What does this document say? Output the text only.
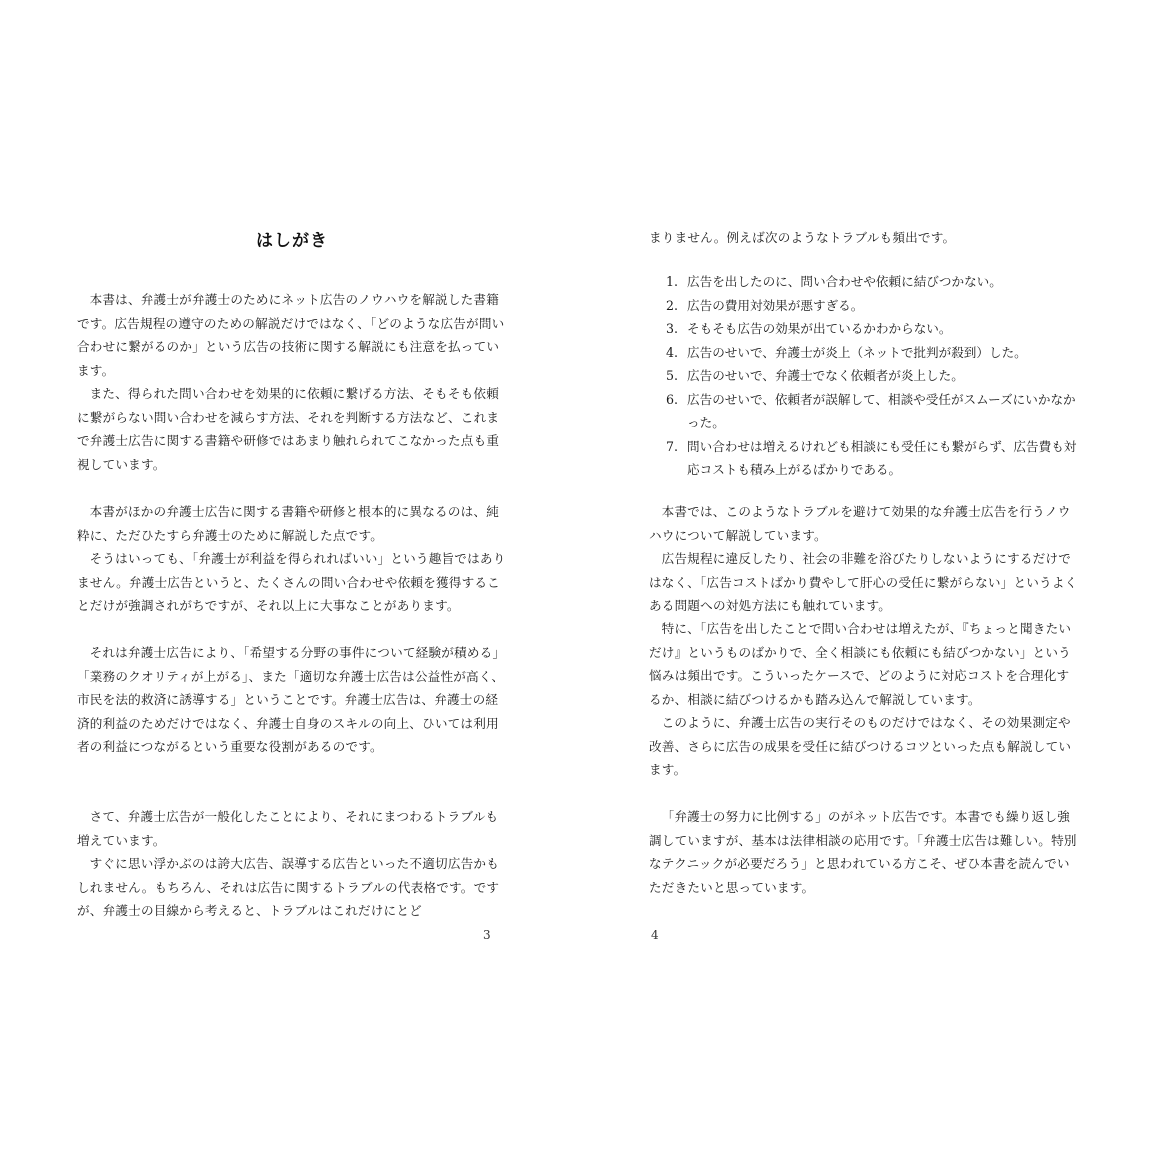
はしがき

本書は、弁護士が弁護士のためにネット広告のノウハウを解説した書籍です。広告規程の遵守のための解説だけではなく、「どのような広告が問い合わせに繋がるのか」という広告の技術に関する解説にも注意を払っています。

また、得られた問い合わせを効果的に依頼に繋げる方法、そもそも依頼に繋がらない問い合わせを減らす方法、それを判断する方法など、これまで弁護士広告に関する書籍や研修ではあまり触れられてこなかった点も重視しています。

本書がほかの弁護士広告に関する書籍や研修と根本的に異なるのは、純粋に、ただひたすら弁護士のために解説した点です。

そうはいっても、「弁護士が利益を得られればいい」という趣旨ではありません。弁護士広告というと、たくさんの問い合わせや依頼を獲得することだけが強調されがちですが、それ以上に大事なことがあります。

それは弁護士広告により、「希望する分野の事件について経験が積める」「業務のクオリティが上がる」、また「適切な弁護士広告は公益性が高く、市民を法的救済に誘導する」ということです。弁護士広告は、弁護士の経済的利益のためだけではなく、弁護士自身のスキルの向上、ひいては利用者の利益につながるという重要な役割があるのです。

さて、弁護士広告が一般化したことにより、それにまつわるトラブルも増えています。

すぐに思い浮かぶのは誇大広告、誤導する広告といった不適切広告かもしれません。もちろん、それは広告に関するトラブルの代表格です。ですが、弁護士の目線から考えると、トラブルはこれだけにとど

3

まりません。例えば次のようなトラブルも頻出です。

1. 広告を出したのに、問い合わせや依頼に結びつかない。
2. 広告の費用対効果が悪すぎる。
3. そもそも広告の効果が出ているかわからない。
4. 広告のせいで、弁護士が炎上（ネットで批判が殺到）した。
5. 広告のせいで、弁護士でなく依頼者が炎上した。
6. 広告のせいで、依頼者が誤解して、相談や受任がスムーズにいかなかった。
7. 問い合わせは増えるけれども相談にも受任にも繋がらず、広告費も対応コストも積み上がるばかりである。

本書では、このようなトラブルを避けて効果的な弁護士広告を行うノウハウについて解説しています。

広告規程に違反したり、社会の非難を浴びたりしないようにするだけではなく、「広告コストばかり費やして肝心の受任に繋がらない」というよくある問題への対処方法にも触れています。

特に、「広告を出したことで問い合わせは増えたが、『ちょっと聞きたいだけ』というものばかりで、全く相談にも依頼にも結びつかない」という悩みは頻出です。こういったケースで、どのように対応コストを合理化するか、相談に結びつけるかも踏み込んで解説しています。

このように、弁護士広告の実行そのものだけではなく、その効果測定や改善、さらに広告の成果を受任に結びつけるコツといった点も解説しています。

「弁護士の努力に比例する」のがネット広告です。本書でも繰り返し強調していますが、基本は法律相談の応用です。「弁護士広告は難しい。特別なテクニックが必要だろう」と思われている方こそ、ぜひ本書を読んでいただきたいと思っています。

4
